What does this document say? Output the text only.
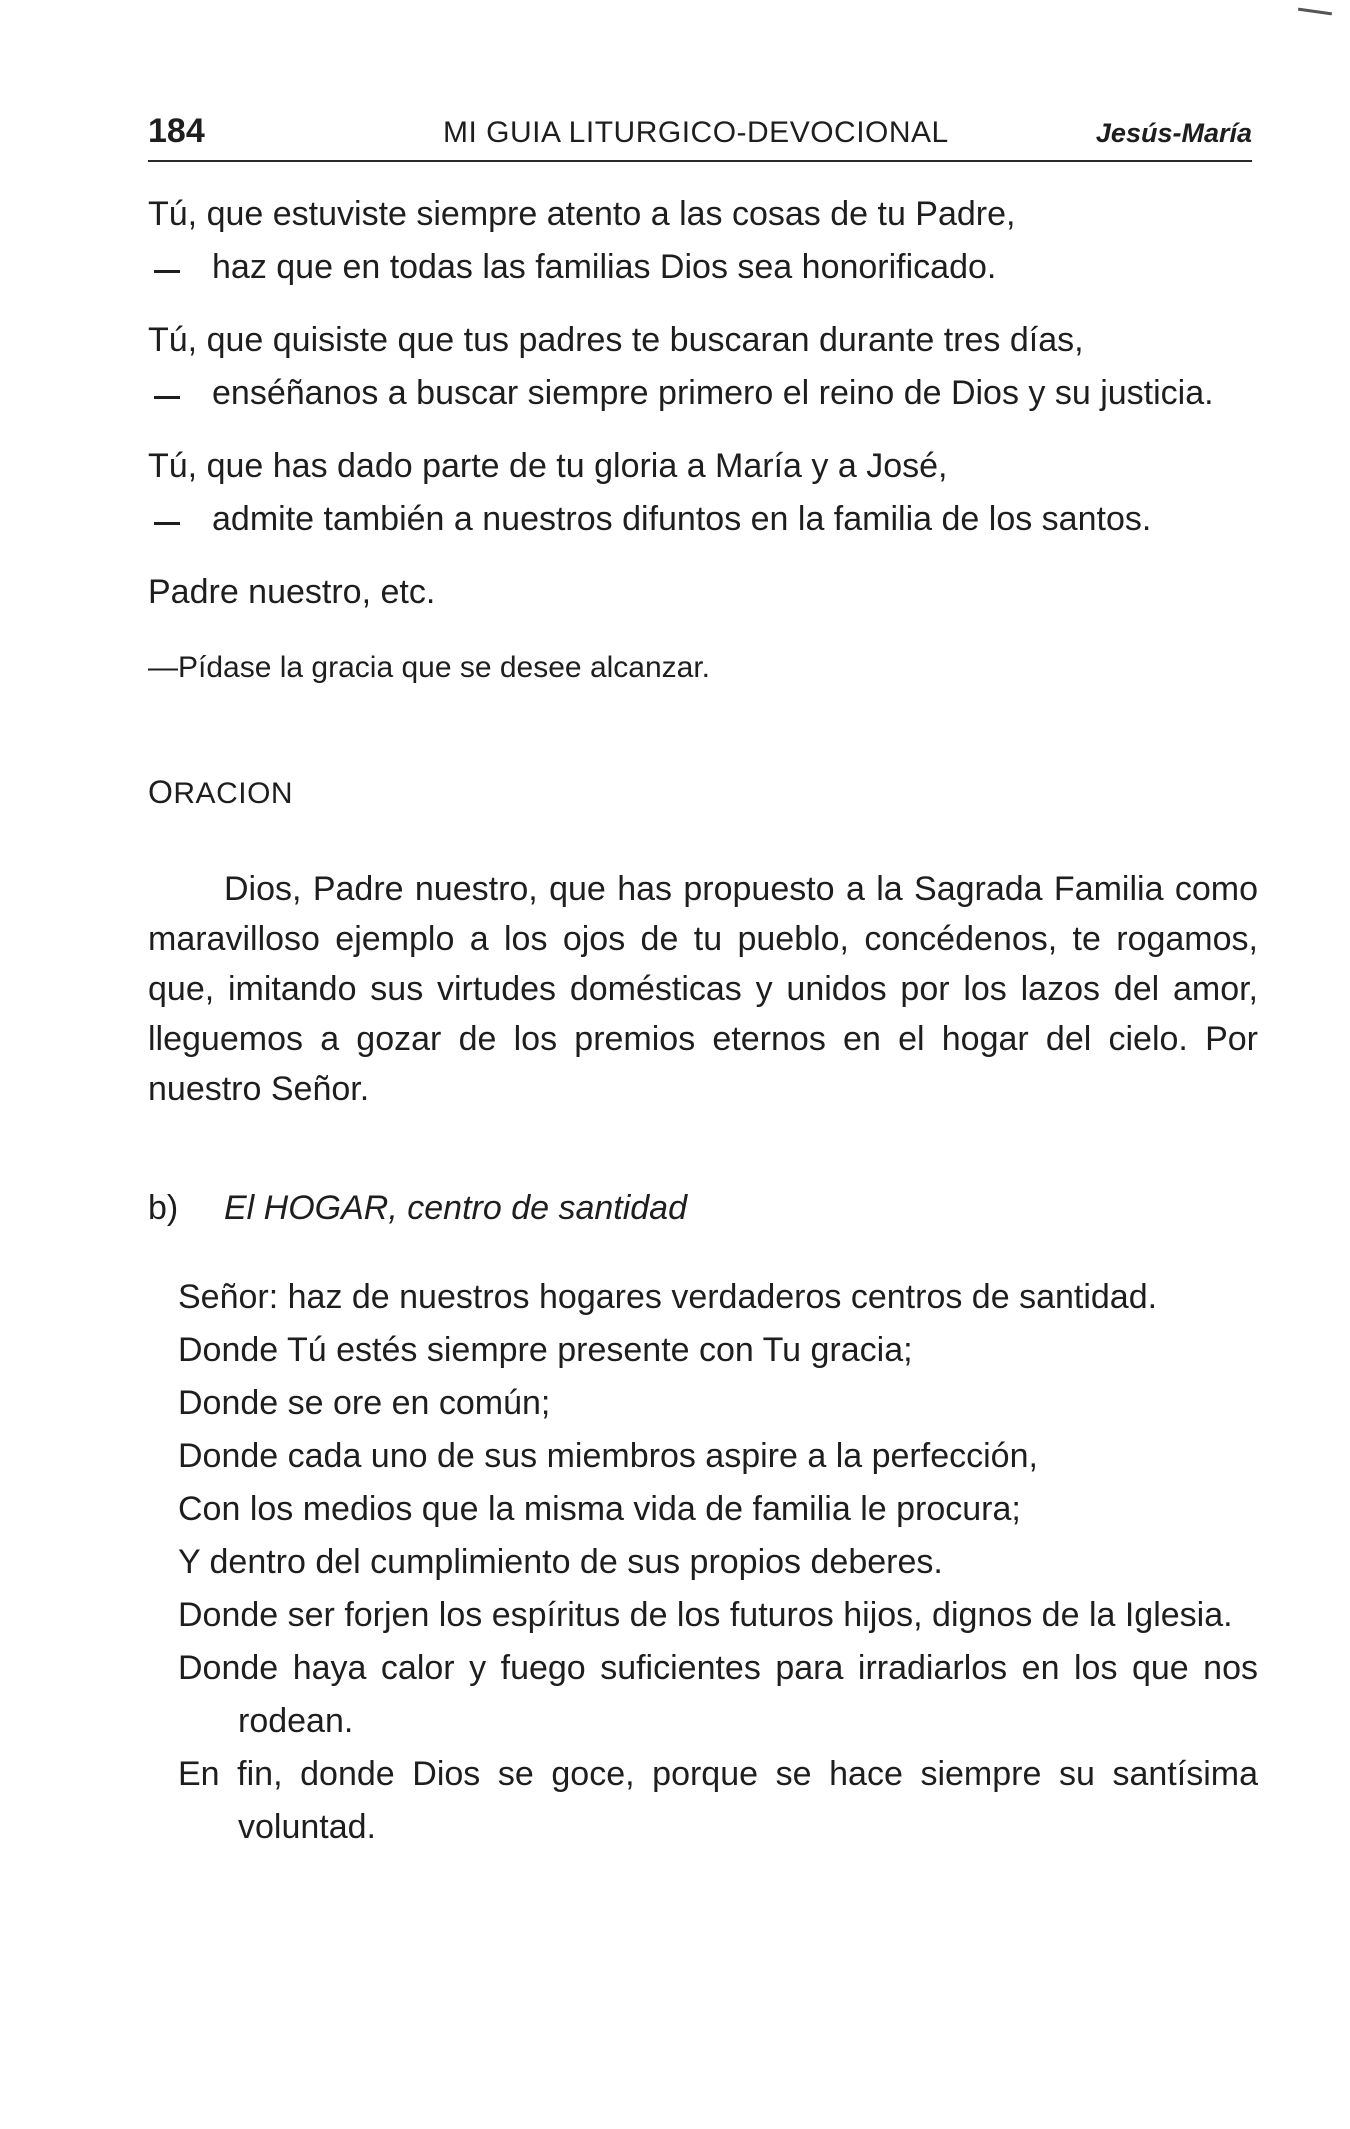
184	MI GUIA LITURGICO-DEVOCIONAL	Jesús-María
Tú, que estuviste siempre atento a las cosas de tu Padre,
haz que en todas las familias Dios sea honorificado.
Tú, que quisiste que tus padres te buscaran durante tres días,
enséñanos a buscar siempre primero el reino de Dios y su justicia.
Tú, que has dado parte de tu gloria a María y a José,
admite también a nuestros difuntos en la familia de los santos.
Padre nuestro, etc.
—Pídase la gracia que se desee alcanzar.
ORACION
Dios, Padre nuestro, que has propuesto a la Sagrada Familia como maravilloso ejemplo a los ojos de tu pueblo, concédenos, te rogamos, que, imitando sus virtudes domésticas y unidos por los lazos del amor, lleguemos a gozar de los premios eternos en el hogar del cielo. Por nuestro Señor.
b) El HOGAR, centro de santidad
Señor: haz de nuestros hogares verdaderos centros de santidad.
Donde Tú estés siempre presente con Tu gracia;
Donde se ore en común;
Donde cada uno de sus miembros aspire a la perfección,
Con los medios que la misma vida de familia le procura;
Y dentro del cumplimiento de sus propios deberes.
Donde ser forjen los espíritus de los futuros hijos, dignos de la Iglesia.
Donde haya calor y fuego suficientes para irradiarlos en los que nos rodean.
En fin, donde Dios se goce, porque se hace siempre su santísima voluntad.
